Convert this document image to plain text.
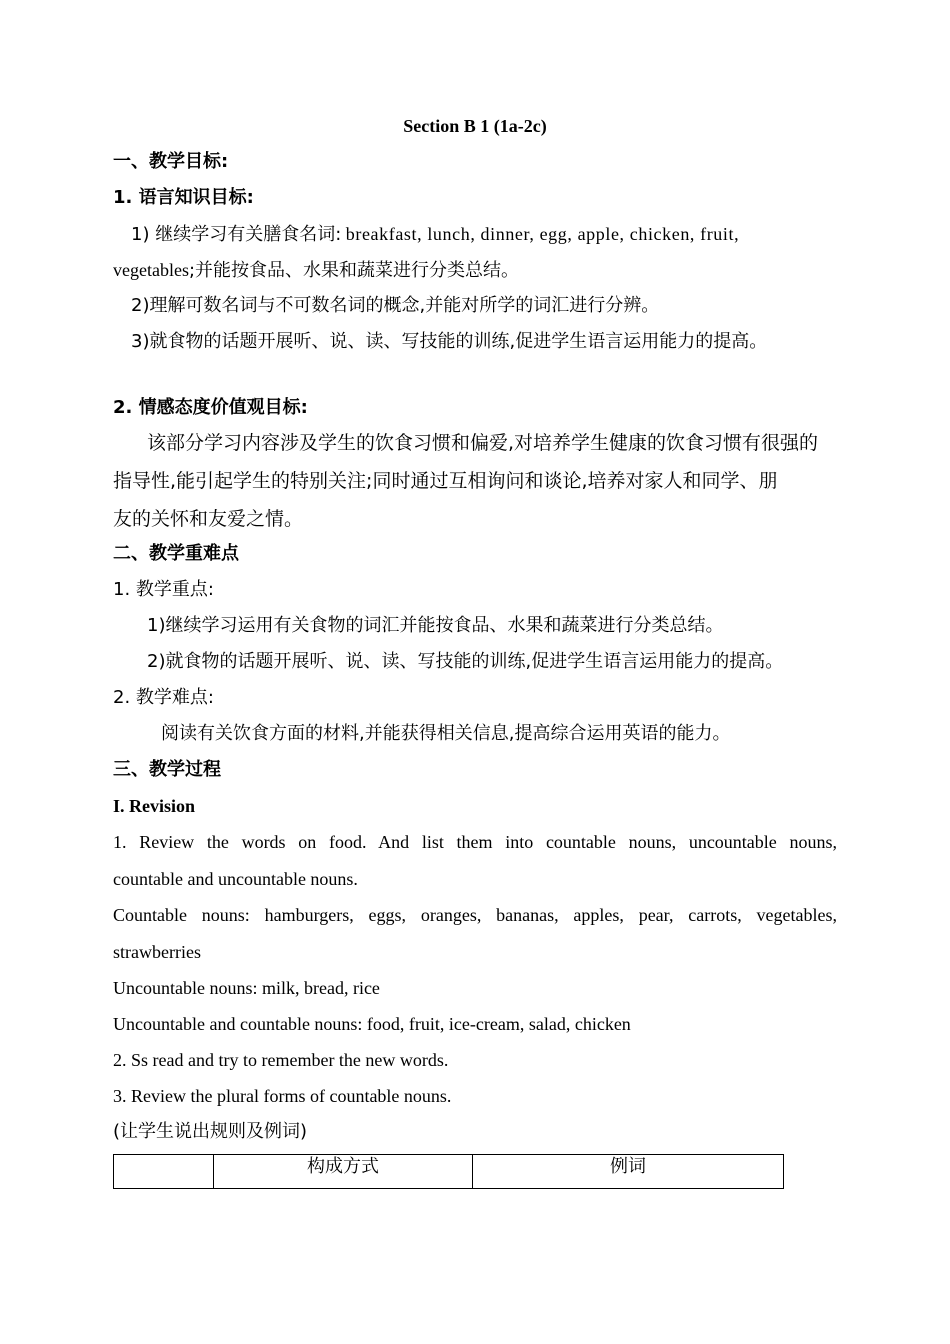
Section B 1 (1a-2c)
一、教学目标:
1. 语言知识目标:
1) 继续学习有关膳食名词: breakfast, lunch, dinner, egg, apple, chicken, fruit,
vegetables;并能按食品、水果和蔬菜进行分类总结。
2)理解可数名词与不可数名词的概念,并能对所学的词汇进行分辨。
3)就食物的话题开展听、说、读、写技能的训练,促进学生语言运用能力的提高。
2. 情感态度价值观目标:
该部分学习内容涉及学生的饮食习惯和偏爱,对培养学生健康的饮食习惯有很强的
指导性,能引起学生的特别关注;同时通过互相询问和谈论,培养对家人和同学、朋
友的关怀和友爱之情。
二、教学重难点
1. 教学重点:
1)继续学习运用有关食物的词汇并能按食品、水果和蔬菜进行分类总结。
2)就食物的话题开展听、说、读、写技能的训练,促进学生语言运用能力的提高。
2. 教学难点:
阅读有关饮食方面的材料,并能获得相关信息,提高综合运用英语的能力。
三、教学过程
I. Revision
1. Review the words on food. And list them into countable nouns, uncountable nouns,
countable and uncountable nouns.
Countable nouns: hamburgers, eggs, oranges, bananas, apples, pear, carrots, vegetables,
strawberries
Uncountable nouns: milk, bread, rice
Uncountable and countable nouns: food, fruit, ice-cream, salad, chicken
2. Ss read and try to remember the new words.
3. Review the plural forms of countable nouns.
(让学生说出规则及例词)
	构成方式	例词
